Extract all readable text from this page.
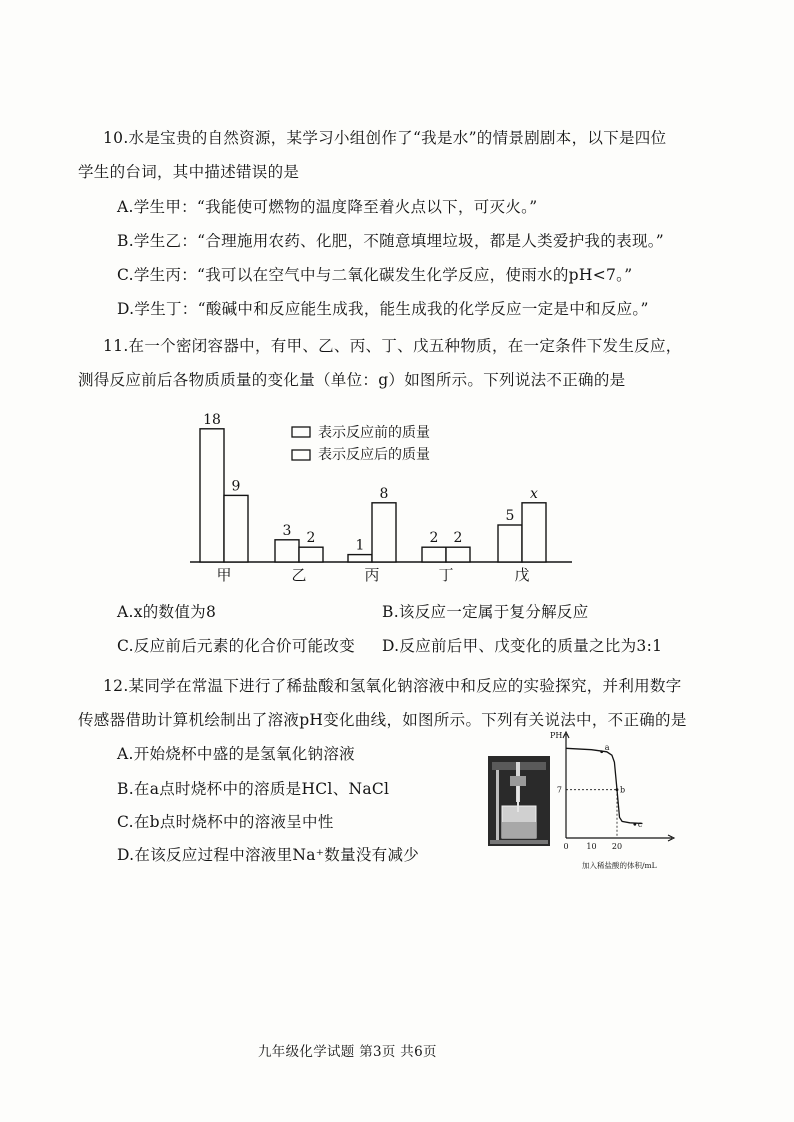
10.水是宝贵的自然资源，某学习小组创作了“我是水”的情景剧剧本，以下是四位
学生的台词，其中描述错误的是
A.学生甲：“我能使可燃物的温度降至着火点以下，可灭火。”
B.学生乙：“合理施用农药、化肥，不随意填埋垃圾，都是人类爱护我的表现。”
C.学生丙：“我可以在空气中与二氧化碳发生化学反应，使雨水的pH<7。”
D.学生丁：“酸碱中和反应能生成我，能生成我的化学反应一定是中和反应。”
11.在一个密闭容器中，有甲、乙、丙、丁、戊五种物质，在一定条件下发生反应，
测得反应前后各物质质量的变化量（单位：g）如图所示。下列说法不正确的是
表示反应前的质量
表示反应后的质量
18
9
甲
3 2
乙
1
8
丙
2 2
丁
5
x
戊
A.x的数值为8	B.该反应一定属于复分解反应
C.反应前后元素的化合价可能改变 D.反应前后甲、戊变化的质量之比为3:1
12.某同学在常温下进行了稀盐酸和氢氧化钠溶液中和反应的实验探究，并利用数字
传感器借助计算机绘制出了溶液pH变化曲线，如图所示。下列有关说法中，不正确的是
A.开始烧杯中盛的是氢氧化钠溶液
B.在a点时烧杯中的溶质是HCl、NaCl
C.在b点时烧杯中的溶液呈中性
D.在该反应过程中溶液里Na⁺数量没有减少
PH
加入稀盐酸的体积/mL
0 10 20
7
a
b
c
九年级化学试题 第3页 共6页
